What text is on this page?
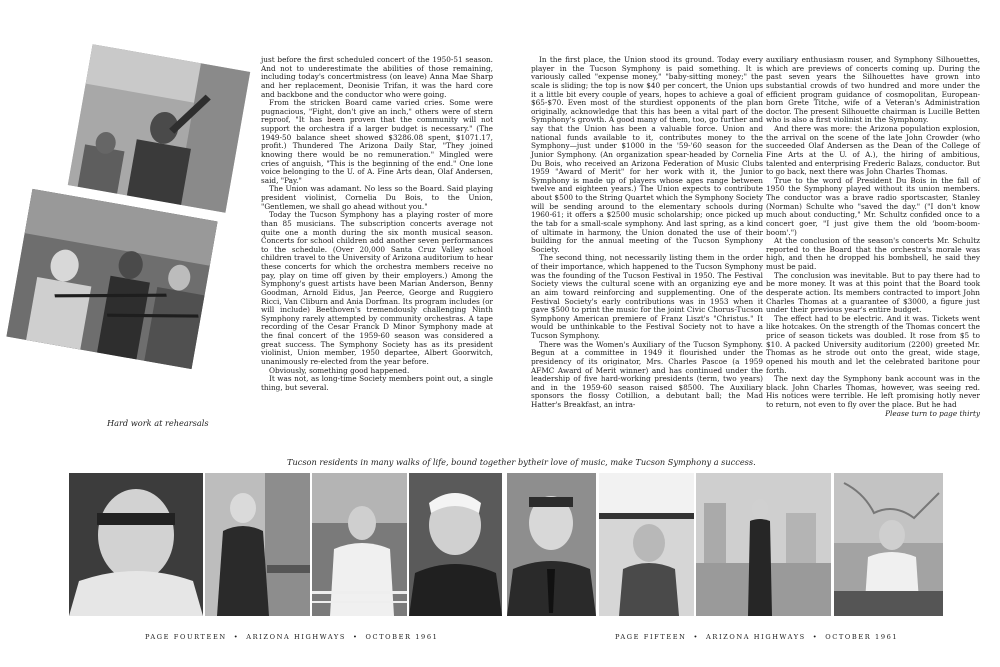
Hard work at rehearsals

just before the first scheduled concert of the 1950-51 season. And not to underestimate the abilities of those remaining, including today's concertmistress (on leave) Anna Mae Sharp and her replacement, Deonisie Trifan, it was the hard core and backbone and the conductor who were going.

From the stricken Board came varied cries. Some were pugnacious, "Fight, don't give an inch," others were of stern reproof, "It has been proven that the community will not support the orchestra if a larger budget is necessary." (The 1949-50 balance sheet showed $3286.08 spent, $1071.17, profit.) Thundered The Arizona Daily Star, "They joined knowing there would be no remuneration." Mingled were cries of anguish, "This is the beginning of the end." One lone voice belonging to the U. of A. Fine Arts dean, Olaf Andersen, said, "Pay."

The Union was adamant. No less so the Board. Said playing president violinist, Cornelia Du Bois, to the Union, "Gentlemen, we shall go ahead without you."

Today the Tucson Symphony has a playing roster of more than 85 musicians. The subscription concerts average not quite one a month during the six month musical season. Concerts for school children add another seven performances to the schedule. (Over 20,000 Santa Cruz Valley school children travel to the University of Arizona auditorium to hear these concerts for which the orchestra members receive no pay, play on time off given by their employers.) Among the Symphony's guest artists have been Marian Anderson, Benny Goodman, Arnold Eidus, Jan Peerce, George and Ruggiero Ricci, Van Cliburn and Ania Dorfman. Its program includes (or will include) Beethoven's tremendously challenging Ninth Symphony rarely attempted by community orchestras. A tape recording of the Cesar Franck D Minor Symphony made at the final concert of the 1959-60 season was considered a great success. The Symphony Society has as its president violinist, Union member, 1950 departee, Albert Goorwitch, unanimously re-elected from the year before.

Obviously, something good happened.

It was not, as long-time Society members point out, a single thing, but several.

In the first place, the Union stood its ground. Today every player in the Tucson Symphony is paid something. It is variously called "expense money," "baby-sitting money;" the scale is sliding; the top is now $40 per concert, the Union ups it a little bit every couple of years, hopes to achieve a goal of $65-$70. Even most of the sturdiest opponents of the plan originally, acknowledge that this has been a vital part of the Symphony's growth. A good many of them, too, go further and say that the Union has been a valuable force. Union and national funds available to it, contributes money to the Symphony—just under $1000 in the '59-'60 season for the Junior Symphony. (An organization spear-headed by Cornelia Du Bois, who received an Arizona Federation of Music Clubs 1959 "Award of Merit" for her work with it, the Junior Symphony is made up of players whose ages range between twelve and eighteen years.) The Union expects to contribute about $500 to the String Quartet which the Symphony Society will be sending around to the elementary schools during 1960-61; it offers a $2500 music scholarship; once picked up the tab for a small-scale symphony. And last spring, as a kind of ultimate in harmony, the Union donated the use of their building for the annual meeting of the Tucson Symphony Society.

The second thing, not necessarily listing them in the order of their importance, which happened to the Tucson Symphony was the founding of the Tucson Festival in 1950. The Festival Society views the cultural scene with an organizing eye and an aim toward reinforcing and supplementing. One of the Festival Society's early contributions was in 1953 when it gave $500 to print the music for the joint Civic Chorus-Tucson Symphony American premiere of Franz Liszt's "Christus." It would be unthinkable to the Festival Society not to have a Tucson Symphony.

There was the Women's Auxiliary of the Tucson Symphony. Begun at a committee in 1949 it flourished under the presidency of its originator, Mrs. Charles Pascoe (a 1959 AFMC Award of Merit winner) and has continued under the leadership of five hard-working presidents (term, two years) and in the 1959-60 season raised $8500. The Auxiliary sponsors the flossy Cotillion, a debutant ball; the Mad Hatter's Breakfast, an intra-

auxiliary enthusiasm rouser, and Symphony Silhouettes, which are previews of concerts coming up. During the past seven years the Silhouettes have grown into substantial crowds of two hundred and more under the efficient program guidance of cosmopolitan, European-born Grete Titche, wife of a Veteran's Administration doctor. The present Silhouette chairman is Lucille Betten who is also a first violinist in the Symphony.

And there was more: the Arizona population explosion, the arrival on the scene of the late John Crowder (who succeeded Olaf Andersen as the Dean of the College of Fine Arts at the U. of A.), the hiring of ambitious, talented and enterprising Frederic Balazs, conductor. But to go back, next there was John Charles Thomas.

True to the word of President Du Bois in the fall of 1950 the Symphony played without its union members. The conductor was a brave radio sportscaster, Stanley (Norman) Schulte who "saved the day." ("I don't know much about conducting," Mr. Schultz confided once to a concert goer, "I just give them the old 'boom-boom-boom'.")

At the conclusion of the season's concerts Mr. Schultz reported to the Board that the orchestra's morale was high, and then he dropped his bombshell, he said they must be paid.

The conclusion was inevitable. But to pay there had to be more money. It was at this point that the Board took desperate action. Its members contracted to import John Charles Thomas at a guarantee of $3000, a figure just under their previous year's entire budget.

The effect had to be electric. And it was. Tickets went like hotcakes. On the strength of the Thomas concert the price of season tickets was doubled. It rose from $5 to $10. A packed University auditorium (2200) greeted Mr. Thomas as he strode out onto the great, wide stage, opened his mouth and let the celebrated baritone pour forth.

The next day the Symphony bank account was in the black. John Charles Thomas, however, was seeing red. His notices were terrible. He left promising hotly never to return, not even to fly over the place. But he had

Please turn to page thirty

Tucson residents in many walks of life, bound together by their love of music, make Tucson Symphony a success.
PAGE FOURTEEN • ARIZONA HIGHWAYS • OCTOBER 1961	PAGE FIFTEEN • ARIZONA HIGHWAYS • OCTOBER 1961
